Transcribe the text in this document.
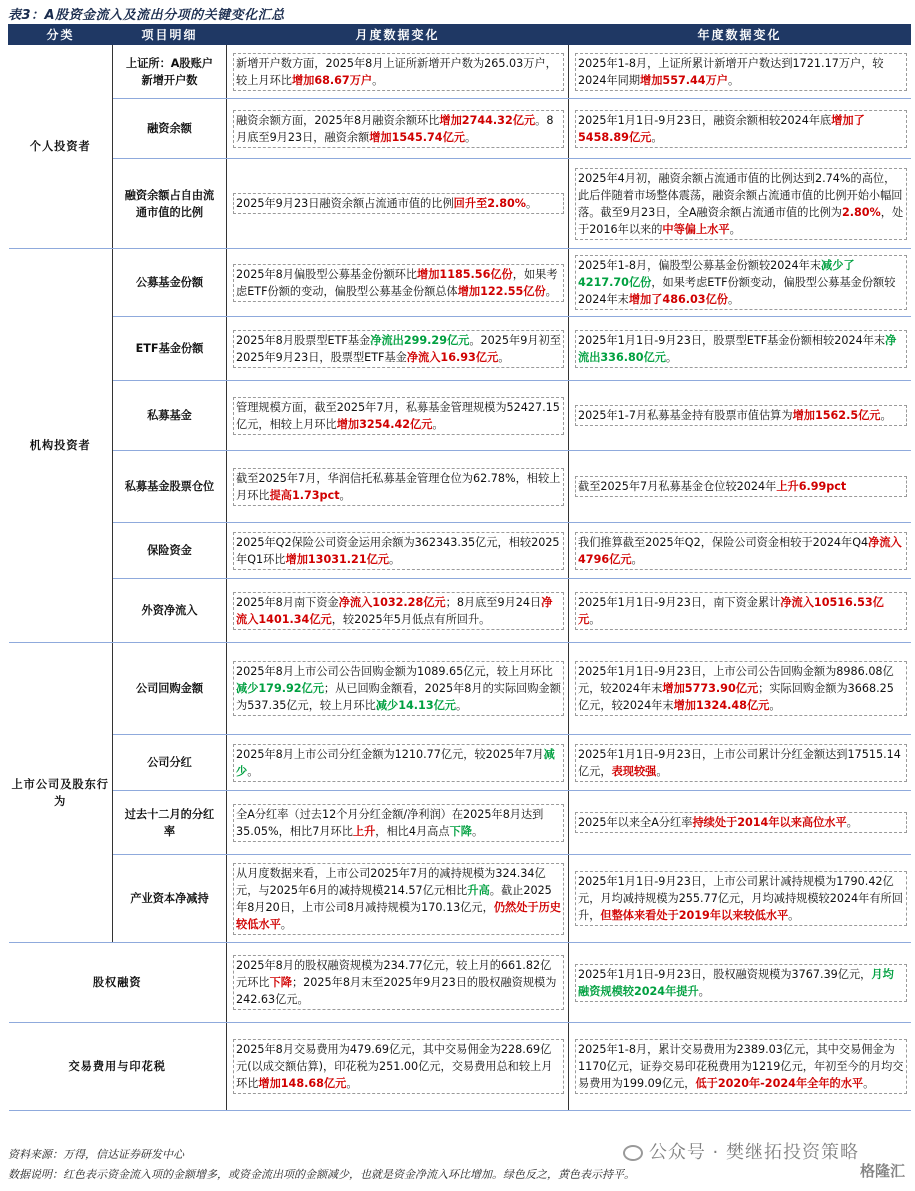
表3：A股资金流入及流出分项的关键变化汇总
分类	项目明细	月度数据变化	年度数据变化
个人投资者	上证所：A股账户新增开户数	新增开户数方面，2025年8月上证所新增开户数为265.03万户，较上月环比增加68.67万户。	2025年1-8月，上证所累计新增开户数达到1721.17万户，较2024年同期增加557.44万户。

	融资余额	融资余额方面，2025年8月融资余额环比增加2744.32亿元。8月底至9月23日，融资余额增加1545.74亿元。	2025年1月1日-9月23日，融资余额相较2024年底增加了5458.89亿元。

	融资余额占自由流通市值的比例	2025年9月23日融资余额占流通市值的比例回升至2.80%。	2025年4月初，融资余额占流通市值的比例达到2.74%的高位，此后伴随着市场整体震荡，融资余额占流通市值的比例开始小幅回落。截至9月23日，全A融资余额占流通市值的比例为2.80%，处于2016年以来的中等偏上水平。

机构投资者	公募基金份额	2025年8月偏股型公募基金份额环比增加1185.56亿份，如果考虑ETF份额的变动，偏股型公募基金份额总体增加122.55亿份。	2025年1-8月，偏股型公募基金份额较2024年末减少了4217.70亿份，如果考虑ETF份额变动，偏股型公募基金份额较2024年末增加了486.03亿份。

	ETF基金份额	2025年8月股票型ETF基金净流出299.29亿元。2025年9月初至2025年9月23日，股票型ETF基金净流入16.93亿元。	2025年1月1日-9月23日，股票型ETF基金份额相较2024年末净流出336.80亿元。

	私募基金	管理规模方面，截至2025年7月，私募基金管理规模为52427.15亿元，相较上月环比增加3254.42亿元。	2025年1-7月私募基金持有股票市值估算为增加1562.5亿元。

	私募基金股票仓位	截至2025年7月，华润信托私募基金管理仓位为62.78%，相较上月环比提高1.73pct。	截至2025年7月私募基金仓位较2024年上升6.99pct

	保险资金	2025年Q2保险公司资金运用余额为362343.35亿元，相较2025年Q1环比增加13031.21亿元。	我们推算截至2025年Q2，保险公司资金相较于2024年Q4净流入4796亿元。

	外资净流入	2025年8月南下资金净流入1032.28亿元；8月底至9月24日净流入1401.34亿元，较2025年5月低点有所回升。	2025年1月1日-9月23日，南下资金累计净流入10516.53亿元。

上市公司及股东行为	公司回购金额	2025年8月上市公司公告回购金额为1089.65亿元，较上月环比减少179.92亿元；从已回购金额看，2025年8月的实际回购金额为537.35亿元，较上月环比减少14.13亿元。	2025年1月1日-9月23日，上市公司公告回购金额为8986.08亿元，较2024年末增加5773.90亿元；实际回购金额为3668.25亿元，较2024年末增加1324.48亿元。

	公司分红	2025年8月上市公司分红金额为1210.77亿元，较2025年7月减少。	2025年1月1日-9月23日，上市公司累计分红金额达到17515.14亿元，表现较强。

	过去十二月的分红率	全A分红率（过去12个月分红金额/净利润）在2025年8月达到35.05%，相比7月环比上升，相比4月高点下降。	2025年以来全A分红率持续处于2014年以来高位水平。

	产业资本净减持	从月度数据来看，上市公司2025年7月的减持规模为324.34亿元，与2025年6月的减持规模214.57亿元相比升高。截止2025年8月20日，上市公司8月减持规模为170.13亿元，仍然处于历史较低水平。	2025年1月1日-9月23日，上市公司累计减持规模为1790.42亿元，月均减持规模为255.77亿元，月均减持规模较2024年有所回升，但整体来看处于2019年以来较低水平。

股权融资		2025年8月的股权融资规模为234.77亿元，较上月的661.82亿元环比下降；2025年8月末至2025年9月23日的股权融资规模为242.63亿元。	2025年1月1日-9月23日，股权融资规模为3767.39亿元，月均融资规模较2024年提升。

交易费用与印花税		2025年8月交易费用为479.69亿元，其中交易佣金为228.69亿元(以成交额估算)，印花税为251.00亿元，交易费用总和较上月环比增加148.68亿元。	2025年1-8月，累计交易费用为2389.03亿元，其中交易佣金为1170亿元，证券交易印花税费用为1219亿元，年初至今的月均交易费用为199.09亿元，低于2020年-2024年全年的水平。
资料来源：万得，信达证券研发中心
数据说明：红色表示资金流入项的金额增多，或资金流出项的金额减少，也就是资金净流入环比增加。绿色反之，黄色表示持平。
公众号 · 樊继拓投资策略
格隆汇
